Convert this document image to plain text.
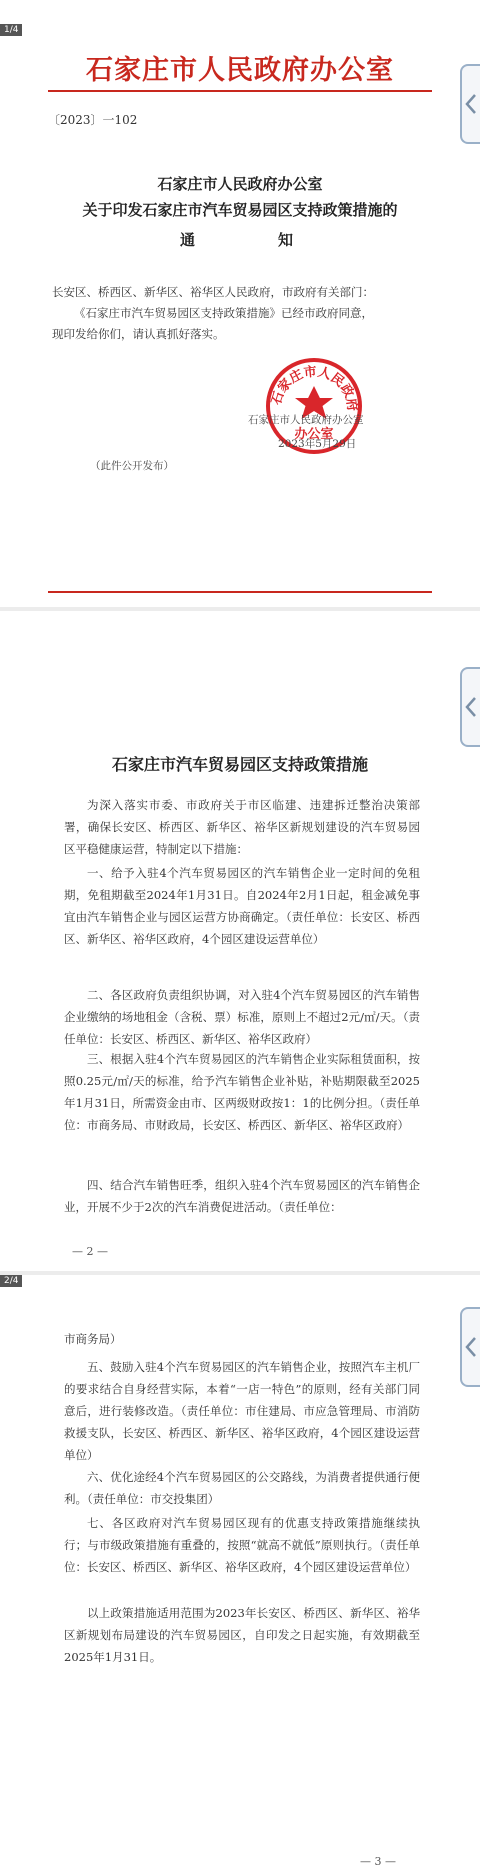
1/4
石家庄市人民政府办公室
〔2023〕一102
石家庄市人民政府办公室
关于印发石家庄市汽车贸易园区支持政策措施的
通	知
长安区、桥西区、新华区、裕华区人民政府，市政府有关部门：
《石家庄市汽车贸易园区支持政策措施》已经市政府同意，
现印发给你们，请认真抓好落实。
石家庄市人民政府
办公室
石家庄市人民政府办公室
2023年5月29日
（此件公开发布）
石家庄市汽车贸易园区支持政策措施

为深入落实市委、市政府关于市区临建、违建拆迁整治决策部署，确保长安区、桥西区、新华区、裕华区新规划建设的汽车贸易园区平稳健康运营，特制定以下措施：

一、给予入驻4个汽车贸易园区的汽车销售企业一定时间的免租期，免租期截至2024年1月31日。自2024年2月1日起，租金减免事宜由汽车销售企业与园区运营方协商确定。（责任单位：长安区、桥西区、新华区、裕华区政府，4个园区建设运营单位）

二、各区政府负责组织协调，对入驻4个汽车贸易园区的汽车销售企业缴纳的场地租金（含税、票）标准，原则上不超过2元/㎡/天。（责任单位：长安区、桥西区、新华区、裕华区政府）

三、根据入驻4个汽车贸易园区的汽车销售企业实际租赁面积，按照0.25元/㎡/天的标准，给予汽车销售企业补贴，补贴期限截至2025年1月31日，所需资金由市、区两级财政按1：1的比例分担。（责任单位：市商务局、市财政局，长安区、桥西区、新华区、裕华区政府）

四、结合汽车销售旺季，组织入驻4个汽车贸易园区的汽车销售企业，开展不少于2次的汽车消费促进活动。（责任单位：

— 2 —
2/4

市商务局）

五、鼓励入驻4个汽车贸易园区的汽车销售企业，按照汽车主机厂的要求结合自身经营实际，本着“一店一特色”的原则，经有关部门同意后，进行装修改造。（责任单位：市住建局、市应急管理局、市消防救援支队，长安区、桥西区、新华区、裕华区政府，4个园区建设运营单位）

六、优化途经4个汽车贸易园区的公交路线，为消费者提供通行便利。（责任单位：市交投集团）

七、各区政府对汽车贸易园区现有的优惠支持政策措施继续执行；与市级政策措施有重叠的，按照“就高不就低”原则执行。（责任单位：长安区、桥西区、新华区、裕华区政府，4个园区建设运营单位）

以上政策措施适用范围为2023年长安区、桥西区、新华区、裕华区新规划布局建设的汽车贸易园区，自印发之日起实施，有效期截至2025年1月31日。

— 3 —
